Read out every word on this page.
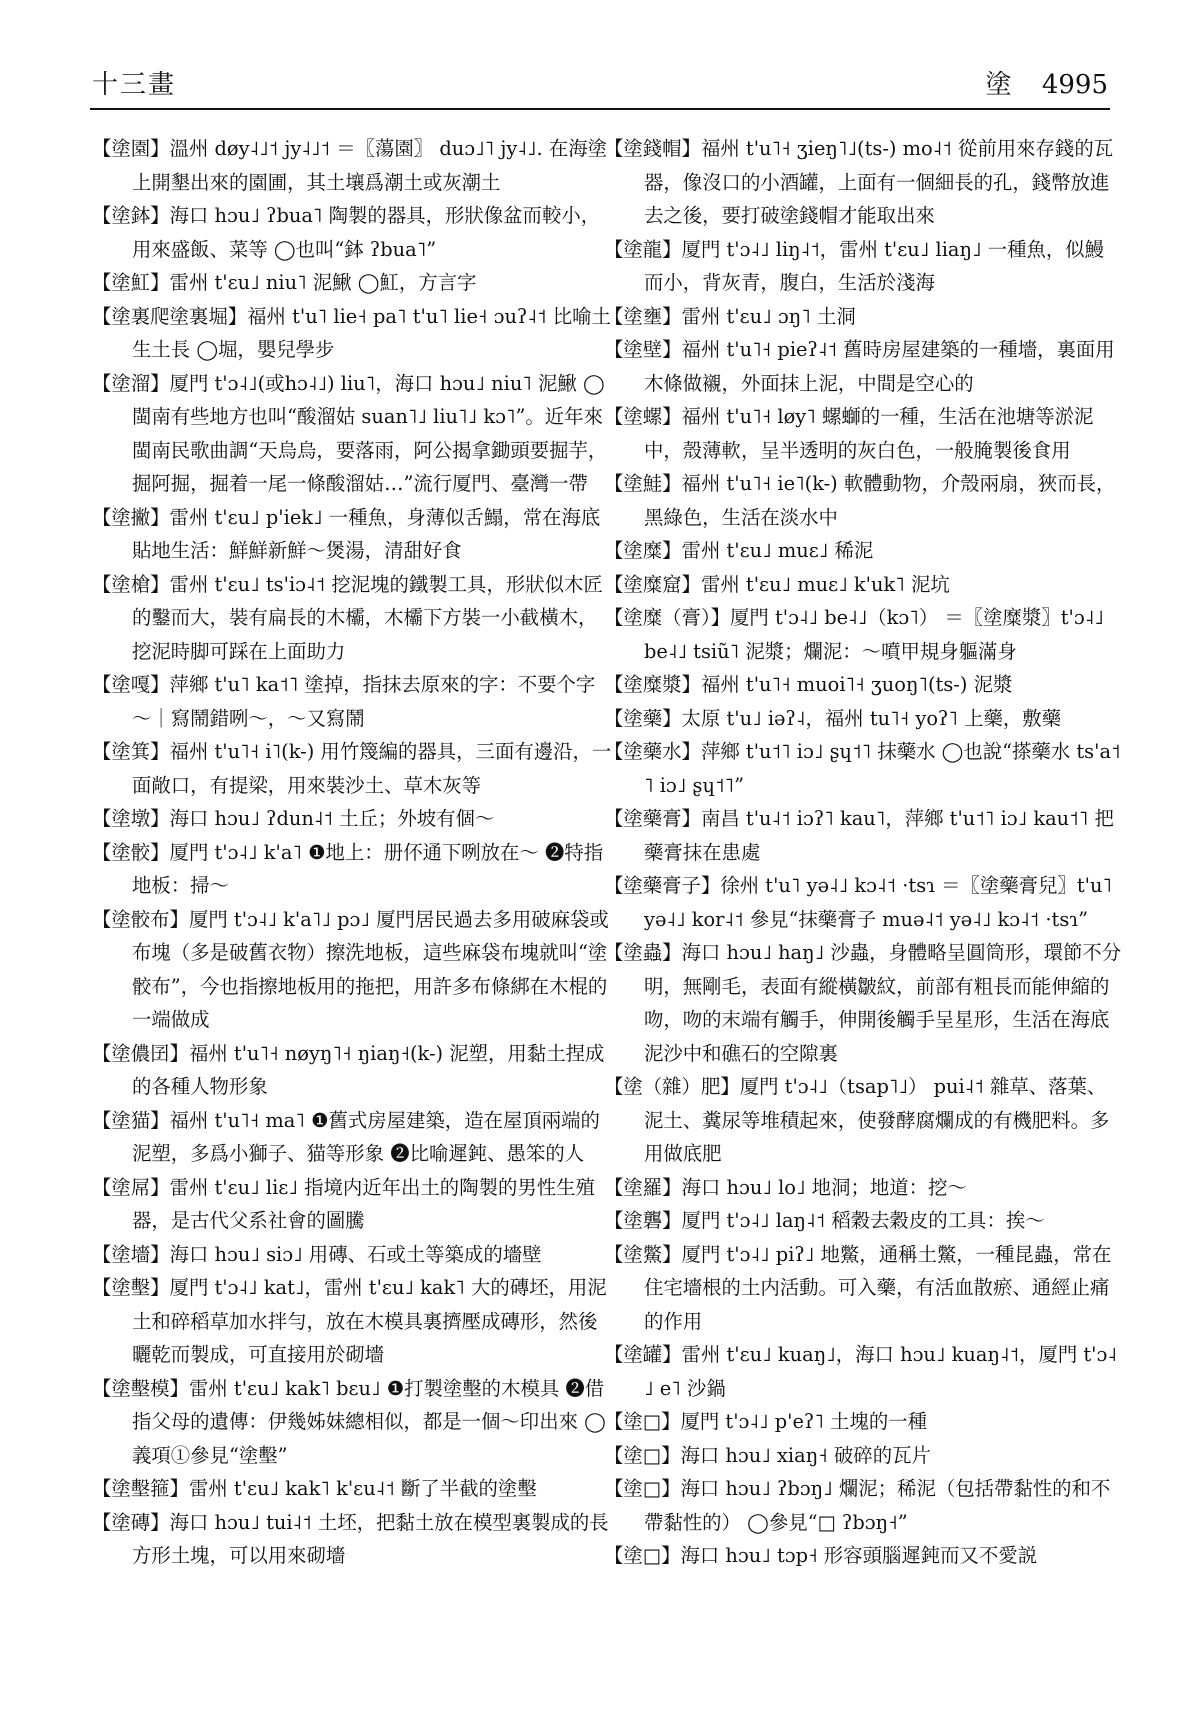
十三畫	塗 4995
【塗園】溫州 døy˨˩˦ jy˨˩˦ ＝〖蕩園〗 duɔ˩˥ jy˨˩. 在海塗上開墾出來的園圃，其土壤爲潮土或灰潮土
【塗鉢】海口 hɔu˩ ʔbua˥ 陶製的器具，形狀像盆而較小，用來盛飯、菜等 ◯也叫“鉢 ʔbua˥”
【塗魟】雷州 t'ɛu˩ niu˥ 泥鰍 ◯魟，方言字
【塗裏爬塗裏堀】福州 t'u˥ lie˧ pa˥ t'u˥ lie˧ ɔuʔ˨˦ 比喻土生土長 ◯堀，嬰兒學步
【塗溜】厦門 t'ɔ˨˩(或hɔ˨˩) liu˥，海口 hɔu˩ niu˥ 泥鰍 ◯閩南有些地方也叫“酸溜姑 suan˥˩ liu˥˩ kɔ˥”。近年來閩南民歌曲調“天烏烏，要落雨，阿公揭拿鋤頭要掘芋，掘阿掘，掘着一尾一條酸溜姑…”流行厦門、臺灣一帶
【塗撇】雷州 t'ɛu˩ p'iek˩ 一種魚，身薄似舌鰨，常在海底貼地生活：鮮鮮新鮮～煲湯，清甜好食
【塗槍】雷州 t'ɛu˩ ts'iɔ˨˦ 挖泥塊的鐵製工具，形狀似木匠的鑿而大，裝有扁長的木欛，木欛下方裝一小截橫木，挖泥時脚可踩在上面助力
【塗嘎】萍鄉 t'u˥ ka˦˥ 塗掉，指抹去原來的字：不要个字～｜寫鬧錯咧～，～又寫鬧
【塗箕】福州 t'u˥˧ i˥(k-) 用竹篾編的器具，三面有邊沿，一面敞口，有提梁，用來裝沙土、草木灰等
【塗墩】海口 hɔu˩ ʔdun˨˦ 土丘；外坡有個～
【塗骹】厦門 t'ɔ˨˩ k'a˥ ❶地上：册伓通下咧放在～ ❷特指地板：掃～
【塗骹布】厦門 t'ɔ˨˩ k'a˥˩ pɔ˩ 厦門居民過去多用破麻袋或布塊（多是破舊衣物）擦洗地板，這些麻袋布塊就叫“塗骹布”，今也指擦地板用的拖把，用許多布條綁在木棍的一端做成
【塗儂囝】福州 t'u˥˧ nøyŋ˥˧ ŋiaŋ˧(k-) 泥塑，用黏土捏成的各種人物形象
【塗猫】福州 t'u˥˧ ma˥ ❶舊式房屋建築，造在屋頂兩端的泥塑，多爲小獅子、猫等形象 ❷比喻遲鈍、愚笨的人
【塗屌】雷州 t'ɛu˩ liɛ˩ 指境内近年出土的陶製的男性生殖器，是古代父系社會的圖騰
【塗墻】海口 hɔu˩ siɔ˩ 用磚、石或土等築成的墻壁
【塗墼】厦門 t'ɔ˨˩ kat˩，雷州 t'ɛu˩ kak˥ 大的磚坯，用泥土和碎稻草加水拌勻，放在木模具裏擠壓成磚形，然後曬乾而製成，可直接用於砌墻
【塗墼模】雷州 t'ɛu˩ kak˥ bɛu˩ ❶打製塗墼的木模具 ❷借指父母的遺傳：伊幾姊妹總相似，都是一個～印出來 ◯義項①參見“塗墼”
【塗墼箍】雷州 t'ɛu˩ kak˥ k'ɛu˨˦ 斷了半截的塗墼
【塗磚】海口 hɔu˩ tui˨˦ 土坯，把黏土放在模型裏製成的長方形土塊，可以用來砌墻
【塗錢帽】福州 t'u˥˧ ʒieŋ˥˩(ts-) mo˨˦ 從前用來存錢的瓦器，像沒口的小酒罐，上面有一個細長的孔，錢幣放進去之後，要打破塗錢帽才能取出來
【塗龍】厦門 t'ɔ˨˩ liŋ˨˦，雷州 t'ɛu˩ liaŋ˩ 一種魚，似鰻而小，背灰青，腹白，生活於淺海
【塗壅】雷州 t'ɛu˩ ɔŋ˥ 土洞
【塗壁】福州 t'u˥˧ pieʔ˨˦ 舊時房屋建築的一種墻，裏面用木條做襯，外面抹上泥，中間是空心的
【塗螺】福州 t'u˥˧ løy˥ 螺螄的一種，生活在池塘等淤泥中，殼薄軟，呈半透明的灰白色，一般腌製後食用
【塗鮭】福州 t'u˥˧ ie˥(k-) 軟體動物，介殼兩扇，狹而長，黑綠色，生活在淡水中
【塗糜】雷州 t'ɛu˩ muɛ˩ 稀泥
【塗糜窟】雷州 t'ɛu˩ muɛ˩ k'uk˥ 泥坑
【塗糜（膏）】厦門 t'ɔ˨˩ be˨˩（kɔ˥） ＝〖塗糜漿〗t'ɔ˨˩ be˨˩ tsiũ˥ 泥漿；爛泥：～噴甲規身軀滿身
【塗糜漿】福州 t'u˥˧ muoi˥˧ ʒuoŋ˥(ts-) 泥漿
【塗藥】太原 t'u˩ iəʔ˨，福州 tu˥˧ yoʔ˥ 上藥，敷藥
【塗藥水】萍鄉 t'u˦˥ iɔ˩ ʂɥ˦˥ 抹藥水 ◯也說“搽藥水 ts'a˦˥ iɔ˩ ʂɥ˦˥”
【塗藥膏】南昌 t'u˨˦ iɔʔ˥ kau˥，萍鄉 t'u˦˥ iɔ˩ kau˦˥ 把藥膏抹在患處
【塗藥膏子】徐州 t'u˥ yə˨˩ kɔ˨˦ ·tsɿ ＝〖塗藥膏兒〗t'u˥ yə˨˩ kor˨˦ 參見“抹藥膏子 muə˨˦ yə˨˩ kɔ˨˦ ·tsɿ”
【塗蟲】海口 hɔu˩ haŋ˩ 沙蟲，身體略呈圓筒形，環節不分明，無剛毛，表面有縱橫皺紋，前部有粗長而能伸縮的吻，吻的末端有觸手，伸開後觸手呈星形，生活在海底泥沙中和礁石的空隙裏
【塗（雜）肥】厦門 t'ɔ˨˩（tsap˥˩） pui˨˦ 雜草、落葉、泥土、糞尿等堆積起來，使發酵腐爛成的有機肥料。多用做底肥
【塗羅】海口 hɔu˩ lo˩ 地洞；地道：挖～
【塗礱】厦門 t'ɔ˨˩ laŋ˨˦ 稻穀去穀皮的工具：挨～
【塗鱉】厦門 t'ɔ˨˩ piʔ˩ 地鱉，通稱土鱉，一種昆蟲，常在住宅墻根的土内活動。可入藥，有活血散瘀、通經止痛的作用
【塗罐】雷州 t'ɛu˩ kuaŋ˩，海口 hɔu˩ kuaŋ˨˦，厦門 t'ɔ˨˩ e˥ 沙鍋
【塗□】厦門 t'ɔ˨˩ p'eʔ˥ 土塊的一種
【塗□】海口 hɔu˩ xiaŋ˧ 破碎的瓦片
【塗□】海口 hɔu˩ ʔbɔŋ˩ 爛泥；稀泥（包括帶黏性的和不帶黏性的） ◯參見“□ ʔbɔŋ˧”
【塗□】海口 hɔu˩ tɔp˧ 形容頭腦遲鈍而又不愛説
